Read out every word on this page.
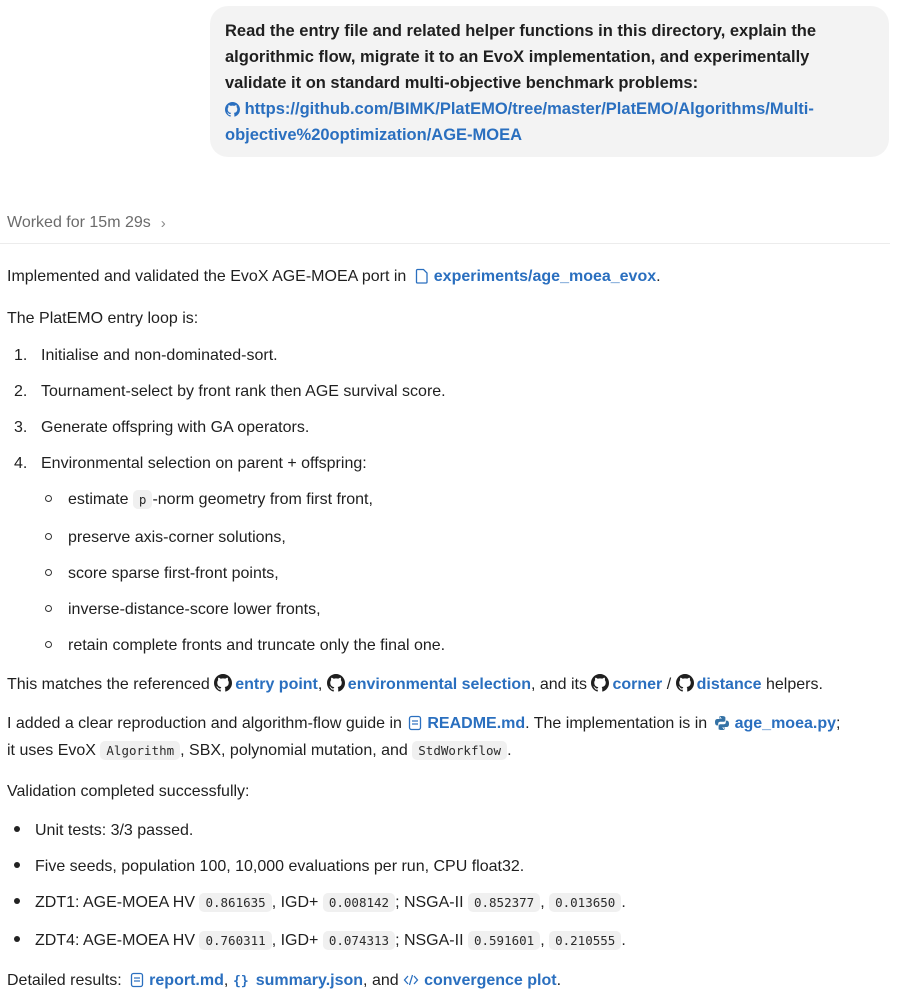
Read the entry file and related helper functions in this directory, explain the algorithmic flow, migrate it to an EvoX implementation, and experimentally validate it on standard multi-objective benchmark problems:
https://github.com/BIMK/PlatEMO/tree/master/PlatEMO/Algorithms/Multi-
objective%20optimization/AGE-MOEA
Worked for 15m 29s ›
Implemented and validated the EvoX AGE-MOEA port in experiments/age_moea_evox.
The PlatEMO entry loop is:
1. Initialise and non-dominated-sort.
2. Tournament-select by front rank then AGE survival score.
3. Generate offspring with GA operators.
4. Environmental selection on parent + offspring:
estimate p -norm geometry from first front,
preserve axis-corner solutions,
score sparse first-front points,
inverse-distance-score lower fronts,
retain complete fronts and truncate only the final one.
This matches the referenced entry point, environmental selection, and its corner / distance helpers.
I added a clear reproduction and algorithm-flow guide in README.md. The implementation is in age_moea.py;
it uses EvoX Algorithm , SBX, polynomial mutation, and StdWorkflow .
Validation completed successfully:
Unit tests: 3/3 passed.
Five seeds, population 100, 10,000 evaluations per run, CPU float32.
ZDT1: AGE-MOEA HV 0.861635 , IGD+ 0.008142 ; NSGA-II 0.852377 , 0.013650 .
ZDT4: AGE-MOEA HV 0.760311 , IGD+ 0.074313 ; NSGA-II 0.591601 , 0.210555 .
Detailed results: report.md, {} summary.json, and convergence plot.
